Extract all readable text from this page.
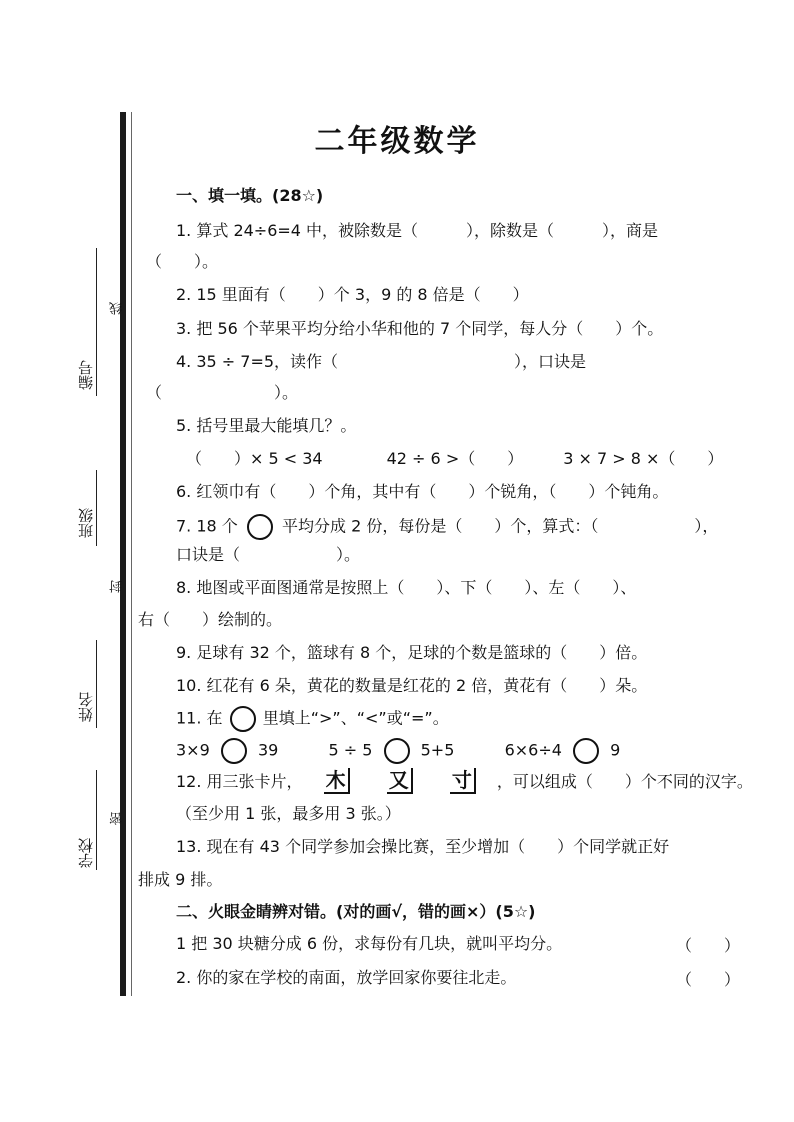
编号
班级
姓名
学校
线
封
密
二年级数学
一、填一填。(28☆)
1. 算式 24÷6=4 中，被除数是（　　　），除数是（　　　），商是
（　　）。
2. 15 里面有（　　）个 3，9 的 8 倍是（　　）
3. 把 56 个苹果平均分给小华和他的 7 个同学，每人分（　　）个。
4. 35 ÷ 7=5，读作（　　　　　　　　　　　），口诀是
（　　　　　　　）。
5. 括号里最大能填几？。
（　　）× 5 < 34　　　　42 ÷ 6 >（　　）　　　3 × 7 > 8 ×（　　）
6. 红领巾有（　　）个角，其中有（　　）个锐角，（　　）个钝角。
7. 18 个	平均分成 2 份，每份是（　　）个，算式：（　　　　　　），
口诀是（　　　　　　）。
8. 地图或平面图通常是按照上（　　）、下（　　）、左（　　）、
右（　　）绘制的。
9. 足球有 32 个，篮球有 8 个，足球的个数是篮球的（　　）倍。
10. 红花有 6 朵，黄花的数量是红花的 2 倍，黄花有（　　）朵。
11. 在	里填上“>”、“<”或“=”。
3×9	39	5 ÷ 5	5+5	6×6÷4	9
12. 用三张卡片， 木 又 寸 ，可以组成（　　）个不同的汉字。
（至少用 1 张，最多用 3 张。）
13. 现在有 43 个同学参加会操比赛，至少增加（　　）个同学就正好
排成 9 排。
二、火眼金睛辨对错。(对的画√，错的画×）(5☆)
1 把 30 块糖分成 6 份，求每份有几块，就叫平均分。	（　　）
2. 你的家在学校的南面，放学回家你要往北走。	（　　）
